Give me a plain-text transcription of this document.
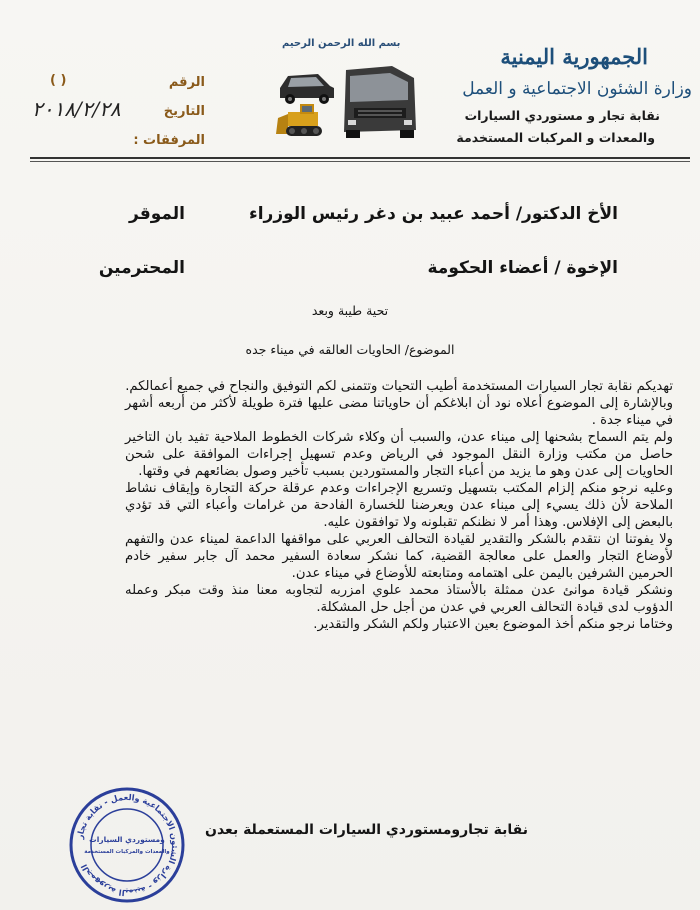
الجمهورية اليمنية
وزارة الشئون الاجتماعية و العمل
نقابة تجار و مستوردي السيارات
والمعدات و المركبات المستخدمة
بسم الله الرحمن الرحيم
الرقم
( )
التاريخ
٢٠١٨/٢/٢٨
المرفقات :
الأخ الدكتور/ أحمد عبيد بن دغر رئيس الوزراء
الموقر
الإخوة / أعضاء الحكومة
المحترمين
تحية طيبة وبعد
الموضوع/ الحاويات العالقه في ميناء جده

تهديكم نقابة تجار السيارات المستخدمة أطيب التحيات وتتمنى لكم التوفيق والنجاح في جميع أعمالكم.

وبالإشارة إلى الموضوع أعلاه نود أن ابلاغكم أن حاوياتنا مضى عليها فترة طويلة لأكثر من أربعه أشهر في ميناء جدة .

ولم يتم السماح بشحنها إلى ميناء عدن، والسبب أن وكلاء شركات الخطوط الملاحية تفيد بان التاخير حاصل من مكتب وزارة النقل الموجود في الرياض وعدم تسهيل إجراءات الموافقة على شحن الحاويات إلى عدن وهو ما يزيد من أعباء التجار والمستوردين بسبب تأخير وصول بضائعهم في وقتها.

وعليه نرجو منكم إلزام المكتب بتسهيل وتسريع الإجراءات وعدم عرقلة حركة التجارة وإيقاف نشاط الملاحة لأن ذلك يسيء إلى ميناء عدن ويعرضنا للخسارة الفادحة من غرامات وأعباء التي قد تؤدي بالبعض إلى الإفلاس. وهذا أمر لا نظنكم تقبلونه ولا توافقون عليه.

ولا يفوتنا ان نتقدم بالشكر والتقدير لقيادة التحالف العربي على مواقفها الداعمة لميناء عدن والتفهم لأوضاع التجار والعمل على معالجة القضية، كما نشكر سعادة السفير محمد آل جابر سفير خادم الحرمين الشرفين باليمن على اهتمامه ومتابعته للأوضاع في ميناء عدن.

ونشكر قيادة موانئ عدن ممثلة بالأستاذ محمد علوي امزربه لتجاوبه معنا منذ وقت مبكر وعمله الدؤوب لدى قيادة التحالف العربي في عدن من أجل حل المشكلة.

وختاما نرجو منكم أخذ الموضوع بعين الاعتبار ولكم الشكر والتقدير.

نقابة تجارومستوردي السيارات المستعملة بعدن
الجمهورية اليمنية - وزارة الشئون الاجتماعية والعمل - نقابة تجار
ومستوردي السيارات
والمعدات والمركبات المستخدمة
